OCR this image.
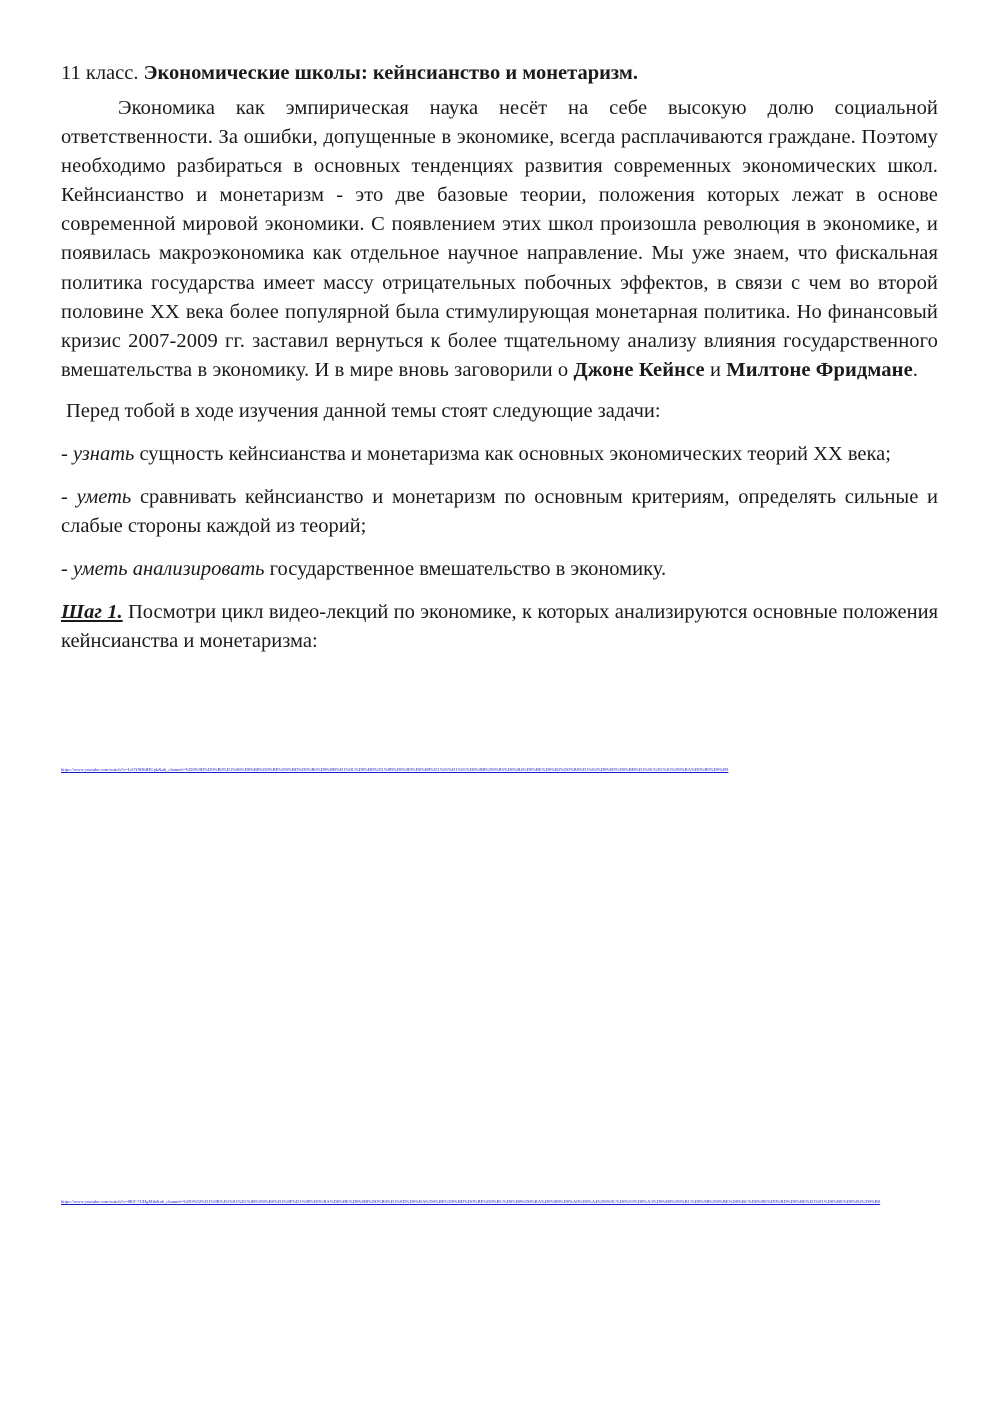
11 класс. Экономические школы: кейнсианство и монетаризм.

Экономика как эмпирическая наука несёт на себе высокую долю социальной ответственности. За ошибки, допущенные в экономике, всегда расплачиваются граждане. Поэтому необходимо разбираться в основных тенденциях развития современных экономических школ. Кейнсианство и монетаризм - это две базовые теории, положения которых лежат в основе современной мировой экономики. С появлением этих школ произошла революция в экономике, и появилась макроэкономика как отдельное научное направление. Мы уже знаем, что фискальная политика государства имеет массу отрицательных побочных эффектов, в связи с чем во второй половине XX века более популярной была стимулирующая монетарная политика. Но финансовый кризис 2007-2009 гг. заставил вернуться к более тщательному анализу влияния государственного вмешательства в экономику. И в мире вновь заговорили о Джоне Кейнсе и Милтоне Фридмане.

Перед тобой в ходе изучения данной темы стоят следующие задачи:

- узнать сущность кейнсианства и монетаризма как основных экономических теорий XX века;

- уметь сравнивать кейнсианство и монетаризм по основным критериям, определять сильные и слабые стороны каждой из теорий;

- уметь анализировать государственное вмешательство в экономику.

Шаг 1. Посмотри цикл видео-лекций по экономике, к которых анализируются основные положения кейнсианства и монетаризма:

https://www.youtube.com/watch?v=LtOYBHdHUpk&ab_channel=%D0%9D%D0%B0%D1%86%D0%B8%D0%BE%D0%BD%D0%B0%D0%BB%D1%8C%D0%BD%D1%8B%D0%B9%D0%B8%D1%81%D1%81%D0%BB%D0%B5%D0%B4%D0%BE%D0%B2%D0%B0%D1%82%D0%B5%D0%BB%D1%8C%D1%81%D0%BA%D0%B8%D0%B9
https://www.youtube.com/watch?v=8KF-7UHgMtk&ab_channel=%D0%92%D1%8B%D1%81%D1%88%D0%B0%D1%8F%D1%88%D0%BA%D0%BE%D0%BB%D0%B0%D1%8D%D0%BA%D0%BE%D0%BD%D0%BE%D0%BC%D0%B8%D0%BA%D0%B8%D0%A0%D0%A4%D0%9C%D0%93%D0%A3%D0%B8%D0%BC%D0%9B%D0%BE%D0%BC%D0%BE%D0%BD%D0%BE%D1%81%D0%BE%D0%B2%D0%B0
